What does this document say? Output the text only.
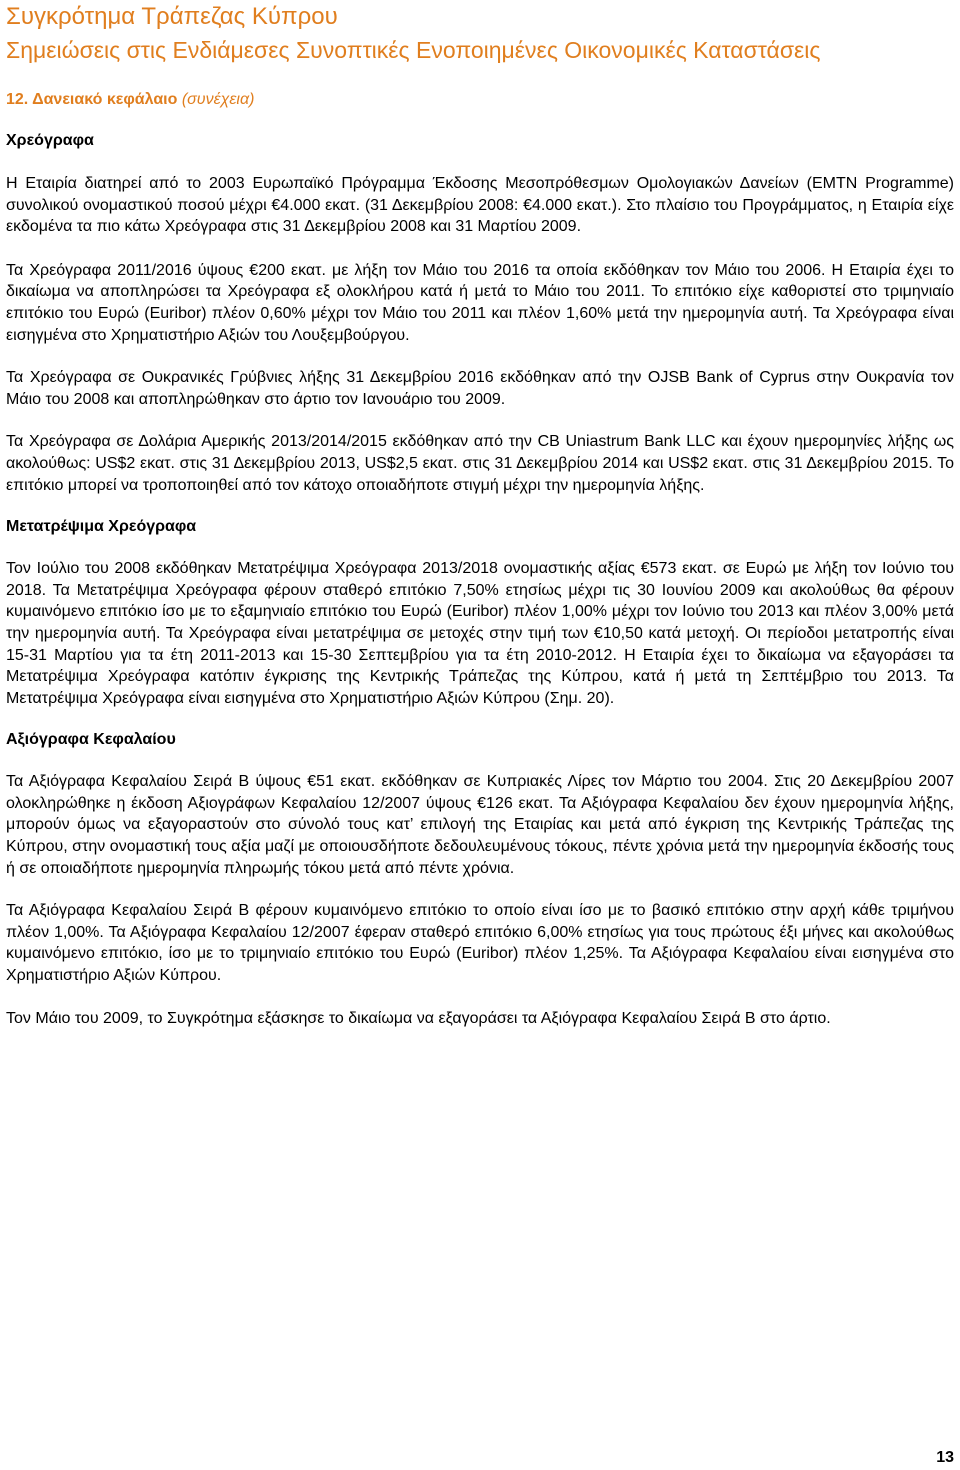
Συγκρότημα Τράπεζας Κύπρου
Σημειώσεις στις Ενδιάμεσες Συνοπτικές Ενοποιημένες Οικονομικές Καταστάσεις
12. Δανειακό κεφάλαιο (συνέχεια)
Χρεόγραφα

Η Εταιρία διατηρεί από το 2003 Ευρωπαϊκό Πρόγραμμα Έκδοσης Μεσοπρόθεσμων Ομολογιακών Δανείων (EMTN Programme) συνολικού ονομαστικού ποσού μέχρι €4.000 εκατ. (31 Δεκεμβρίου 2008: €4.000 εκατ.). Στο πλαίσιο του Προγράμματος, η Εταιρία είχε εκδομένα τα πιο κάτω Χρεόγραφα στις 31 Δεκεμβρίου 2008 και 31 Μαρτίου 2009.

Τα Χρεόγραφα 2011/2016 ύψους €200 εκατ. με λήξη τον Μάιο του 2016 τα οποία εκδόθηκαν τον Μάιο του 2006. Η Εταιρία έχει το δικαίωμα να αποπληρώσει τα Χρεόγραφα εξ ολοκλήρου κατά ή μετά το Μάιο του 2011. Το επιτόκιο είχε καθοριστεί στο τριμηνιαίο επιτόκιο του Ευρώ (Euribor) πλέον 0,60% μέχρι τον Μάιο του 2011 και πλέον 1,60% μετά την ημερομηνία αυτή. Τα Χρεόγραφα είναι εισηγμένα στο Χρηματιστήριο Αξιών του Λουξεμβούργου.

Τα Χρεόγραφα σε Ουκρανικές Γρύβνιες λήξης 31 Δεκεμβρίου 2016 εκδόθηκαν από την OJSB Bank of Cyprus στην Ουκρανία τον Μάιο του 2008 και αποπληρώθηκαν στο άρτιο τον Ιανουάριο του 2009.

Τα Χρεόγραφα σε Δολάρια Αμερικής 2013/2014/2015 εκδόθηκαν από την CB Uniastrum Bank LLC και έχουν ημερομηνίες λήξης ως ακολούθως: US$2 εκατ. στις 31 Δεκεμβρίου 2013, US$2,5 εκατ. στις 31 Δεκεμβρίου 2014 και US$2 εκατ. στις 31 Δεκεμβρίου 2015. Το επιτόκιο μπορεί να τροποποιηθεί από τον κάτοχο οποιαδήποτε στιγμή μέχρι την ημερομηνία λήξης.

Μετατρέψιμα Χρεόγραφα

Τον Ιούλιο του 2008 εκδόθηκαν Μετατρέψιμα Χρεόγραφα 2013/2018 ονομαστικής αξίας €573 εκατ. σε Ευρώ με λήξη τον Ιούνιο του 2018. Τα Μετατρέψιμα Χρεόγραφα φέρουν σταθερό επιτόκιο 7,50% ετησίως μέχρι τις 30 Ιουνίου 2009 και ακολούθως θα φέρουν κυμαινόμενο επιτόκιο ίσο με το εξαμηνιαίο επιτόκιο του Ευρώ (Euribor) πλέον 1,00% μέχρι τον Ιούνιο του 2013 και πλέον 3,00% μετά την ημερομηνία αυτή. Τα Χρεόγραφα είναι μετατρέψιμα σε μετοχές στην τιμή των €10,50 κατά μετοχή. Οι περίοδοι μετατροπής είναι 15-31 Μαρτίου για τα έτη 2011-2013 και 15-30 Σεπτεμβρίου για τα έτη 2010-2012. Η Εταιρία έχει το δικαίωμα να εξαγοράσει τα Μετατρέψιμα Χρεόγραφα κατόπιν έγκρισης της Κεντρικής Τράπεζας της Κύπρου, κατά ή μετά τη Σεπτέμβριο του 2013. Τα Μετατρέψιμα Χρεόγραφα είναι εισηγμένα στο Χρηματιστήριο Αξιών Κύπρου (Σημ. 20).

Αξιόγραφα Κεφαλαίου

Τα Αξιόγραφα Κεφαλαίου Σειρά Β ύψους €51 εκατ. εκδόθηκαν σε Κυπριακές Λίρες τον Μάρτιο του 2004. Στις 20 Δεκεμβρίου 2007 ολοκληρώθηκε η έκδοση Αξιογράφων Κεφαλαίου 12/2007 ύψους €126 εκατ. Τα Αξιόγραφα Κεφαλαίου δεν έχουν ημερομηνία λήξης, μπορούν όμως να εξαγοραστούν στο σύνολό τους κατ’ επιλογή της Εταιρίας και μετά από έγκριση της Κεντρικής Τράπεζας της Κύπρου, στην ονομαστική τους αξία μαζί με οποιουσδήποτε δεδουλευμένους τόκους, πέντε χρόνια μετά την ημερομηνία έκδοσής τους ή σε οποιαδήποτε ημερομηνία πληρωμής τόκου μετά από πέντε χρόνια.

Τα Αξιόγραφα Κεφαλαίου Σειρά Β φέρουν κυμαινόμενο επιτόκιο το οποίο είναι ίσο με το βασικό επιτόκιο στην αρχή κάθε τριμήνου πλέον 1,00%. Τα Αξιόγραφα Κεφαλαίου 12/2007 έφεραν σταθερό επιτόκιο 6,00% ετησίως για τους πρώτους έξι μήνες και ακολούθως κυμαινόμενο επιτόκιο, ίσο με το τριμηνιαίο επιτόκιο του Ευρώ (Euribor) πλέον 1,25%. Τα Αξιόγραφα Κεφαλαίου είναι εισηγμένα στο Χρηματιστήριο Αξιών Κύπρου.

Τον Μάιο του 2009, το Συγκρότημα εξάσκησε το δικαίωμα να εξαγοράσει τα Αξιόγραφα Κεφαλαίου Σειρά Β στο άρτιο.

13
